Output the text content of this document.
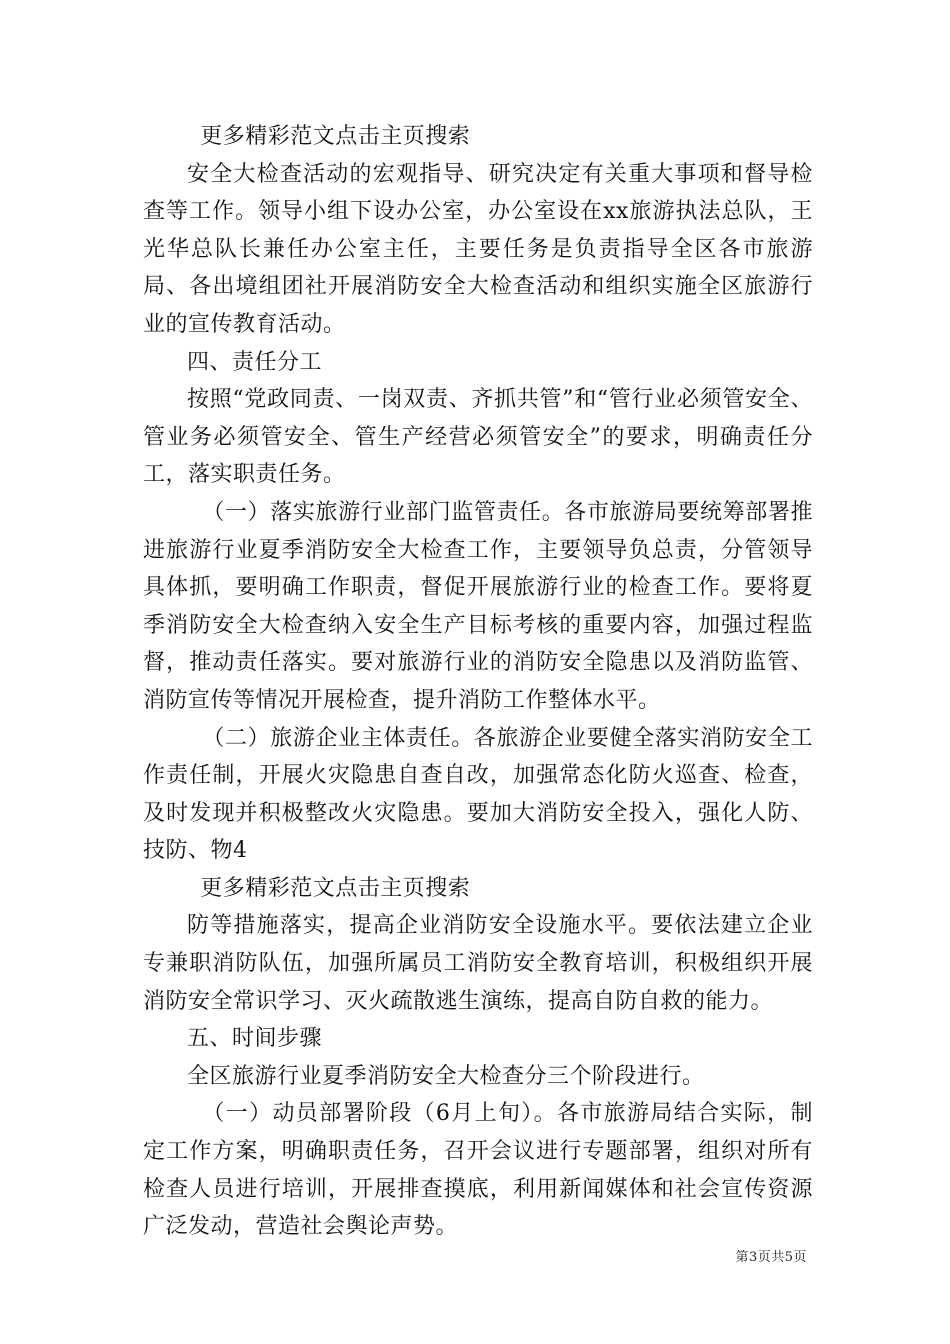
更多精彩范文点击主页搜索

安全大检查活动的宏观指导、研究决定有关重大事项和督导检查等工作。领导小组下设办公室，办公室设在xx旅游执法总队，王光华总队长兼任办公室主任，主要任务是负责指导全区各市旅游局、各出境组团社开展消防安全大检查活动和组织实施全区旅游行业的宣传教育活动。

四、责任分工

按照“党政同责、一岗双责、齐抓共管”和“管行业必须管安全、管业务必须管安全、管生产经营必须管安全”的要求，明确责任分工，落实职责任务。

（一）落实旅游行业部门监管责任。各市旅游局要统筹部署推进旅游行业夏季消防安全大检查工作，主要领导负总责，分管领导具体抓，要明确工作职责，督促开展旅游行业的检查工作。要将夏季消防安全大检查纳入安全生产目标考核的重要内容，加强过程监督，推动责任落实。要对旅游行业的消防安全隐患以及消防监管、消防宣传等情况开展检查，提升消防工作整体水平。

（二）旅游企业主体责任。各旅游企业要健全落实消防安全工作责任制，开展火灾隐患自查自改，加强常态化防火巡查、检查，及时发现并积极整改火灾隐患。要加大消防安全投入，强化人防、技防、物4

更多精彩范文点击主页搜索

防等措施落实，提高企业消防安全设施水平。要依法建立企业专兼职消防队伍，加强所属员工消防安全教育培训，积极组织开展消防安全常识学习、灭火疏散逃生演练，提高自防自救的能力。

五、时间步骤

全区旅游行业夏季消防安全大检查分三个阶段进行。

（一）动员部署阶段（6月上旬）。各市旅游局结合实际，制定工作方案，明确职责任务，召开会议进行专题部署，组织对所有检查人员进行培训，开展排查摸底，利用新闻媒体和社会宣传资源广泛发动，营造社会舆论声势。

第3页共5页
